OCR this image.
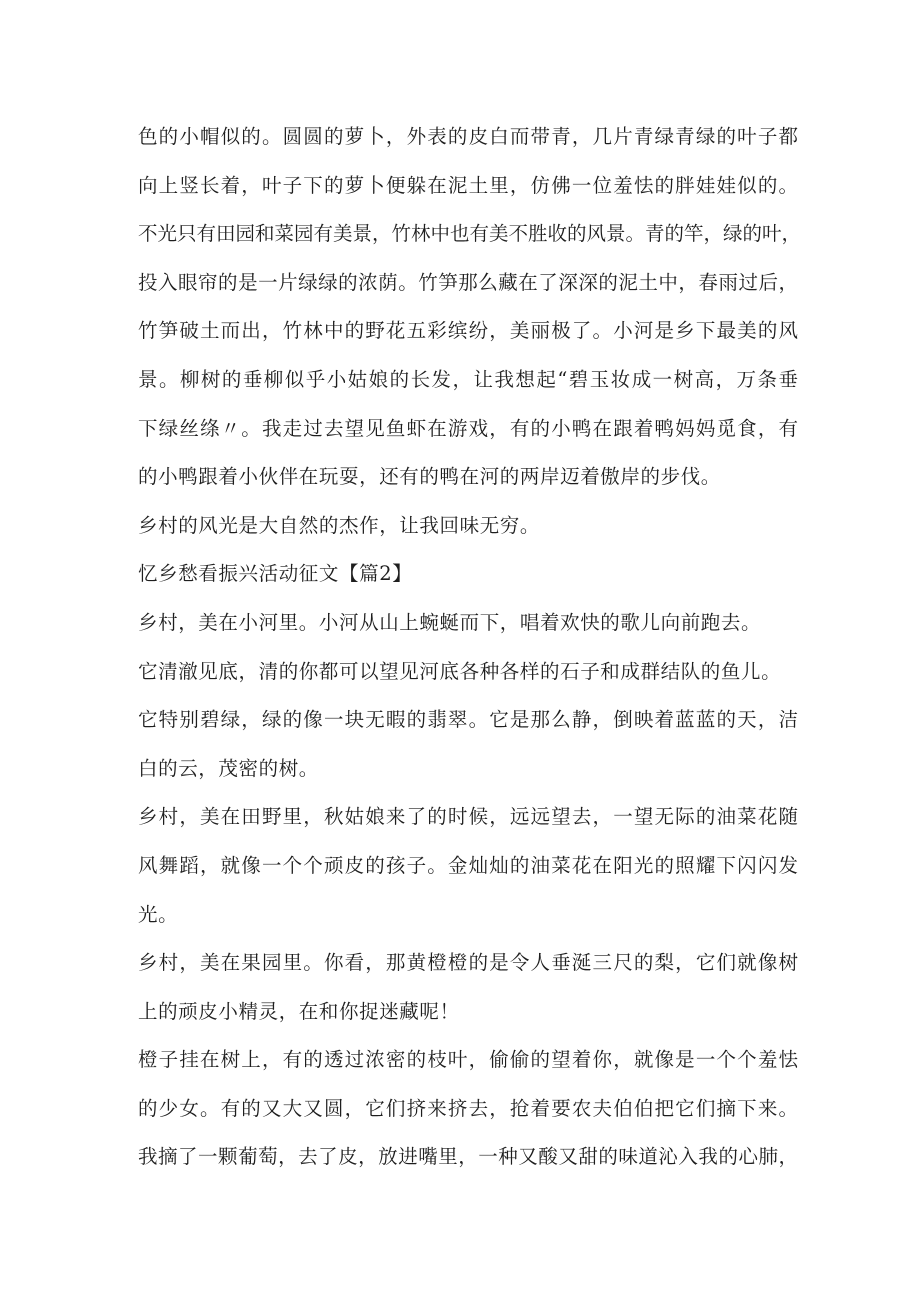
色的小帽似的。圆圆的萝卜，外表的皮白而带青，几片青绿青绿的叶子都
向上竖长着，叶子下的萝卜便躲在泥土里，仿佛一位羞怯的胖娃娃似的。
不光只有田园和菜园有美景，竹林中也有美不胜收的风景。青的竿，绿的叶，
投入眼帘的是一片绿绿的浓荫。竹笋那么藏在了深深的泥土中，春雨过后，
竹笋破土而出，竹林中的野花五彩缤纷，美丽极了。小河是乡下最美的风
景。柳树的垂柳似乎小姑娘的长发，让我想起“碧玉妆成一树高，万条垂
下绿丝绦〃。我走过去望见鱼虾在游戏，有的小鸭在跟着鸭妈妈觅食，有
的小鸭跟着小伙伴在玩耍，还有的鸭在河的两岸迈着傲岸的步伐。
乡村的风光是大自然的杰作，让我回味无穷。
忆乡愁看振兴活动征文【篇2】
乡村，美在小河里。小河从山上蜿蜒而下，唱着欢快的歌儿向前跑去。
它清澈见底，清的你都可以望见河底各种各样的石子和成群结队的鱼儿。
它特别碧绿，绿的像一块无暇的翡翠。它是那么静，倒映着蓝蓝的天，洁
白的云，茂密的树。
乡村，美在田野里，秋姑娘来了的时候，远远望去，一望无际的油菜花随
风舞蹈，就像一个个顽皮的孩子。金灿灿的油菜花在阳光的照耀下闪闪发
光。
乡村，美在果园里。你看，那黄橙橙的是令人垂涎三尺的梨，它们就像树
上的顽皮小精灵，在和你捉迷藏呢！
橙子挂在树上，有的透过浓密的枝叶，偷偷的望着你，就像是一个个羞怯
的少女。有的又大又圆，它们挤来挤去，抢着要农夫伯伯把它们摘下来。
我摘了一颗葡萄，去了皮，放进嘴里，一种又酸又甜的味道沁入我的心肺，
